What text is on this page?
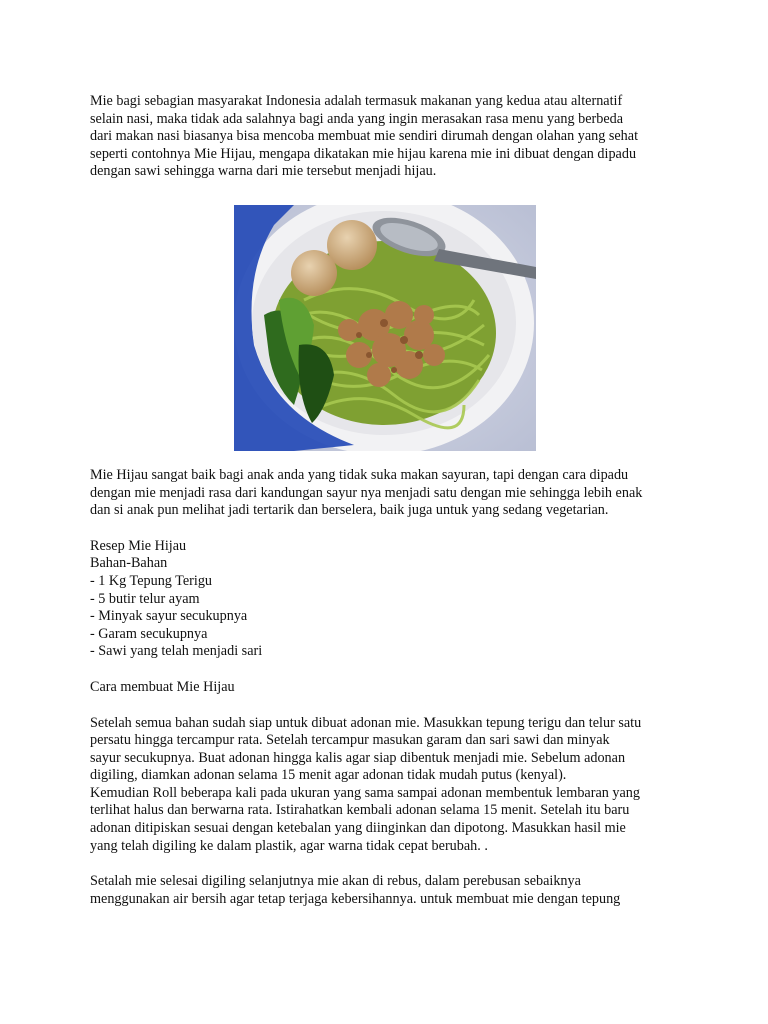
Mie bagi sebagian masyarakat Indonesia adalah termasuk makanan yang kedua atau alternatif
selain nasi, maka tidak ada salahnya bagi anda yang ingin merasakan rasa menu yang berbeda
dari makan nasi biasanya bisa mencoba membuat mie sendiri dirumah dengan olahan yang sehat
seperti contohnya Mie Hijau, mengapa dikatakan mie hijau karena mie ini dibuat dengan dipadu
dengan sawi sehingga warna dari mie tersebut menjadi hijau.
Mie Hijau sangat baik bagi anak anda yang tidak suka makan sayuran, tapi dengan cara dipadu
dengan mie menjadi rasa dari kandungan sayur nya menjadi satu dengan mie sehingga lebih enak
dan si anak pun melihat jadi tertarik dan berselera, baik juga untuk yang sedang vegetarian.
Resep Mie Hijau
Bahan-Bahan
- 1 Kg Tepung Terigu
- 5 butir telur ayam
- Minyak sayur secukupnya
- Garam secukupnya
- Sawi yang telah menjadi sari
Cara membuat Mie Hijau
Setelah semua bahan sudah siap untuk dibuat adonan mie. Masukkan tepung terigu dan telur satu
persatu hingga tercampur rata. Setelah tercampur masukan garam dan sari sawi dan minyak
sayur secukupnya. Buat adonan hingga kalis agar siap dibentuk menjadi mie. Sebelum adonan
digiling, diamkan adonan selama 15 menit agar adonan tidak mudah putus (kenyal).
Kemudian Roll beberapa kali pada ukuran yang sama sampai adonan membentuk lembaran yang
terlihat halus dan berwarna rata. Istirahatkan kembali adonan selama 15 menit. Setelah itu baru
adonan ditipiskan sesuai dengan ketebalan yang diinginkan dan dipotong. Masukkan hasil mie
yang telah digiling ke dalam plastik, agar warna tidak cepat berubah. .
Setalah mie selesai digiling selanjutnya mie akan di rebus, dalam perebusan sebaiknya
menggunakan air bersih agar tetap terjaga kebersihannya. untuk membuat mie dengan tepung
